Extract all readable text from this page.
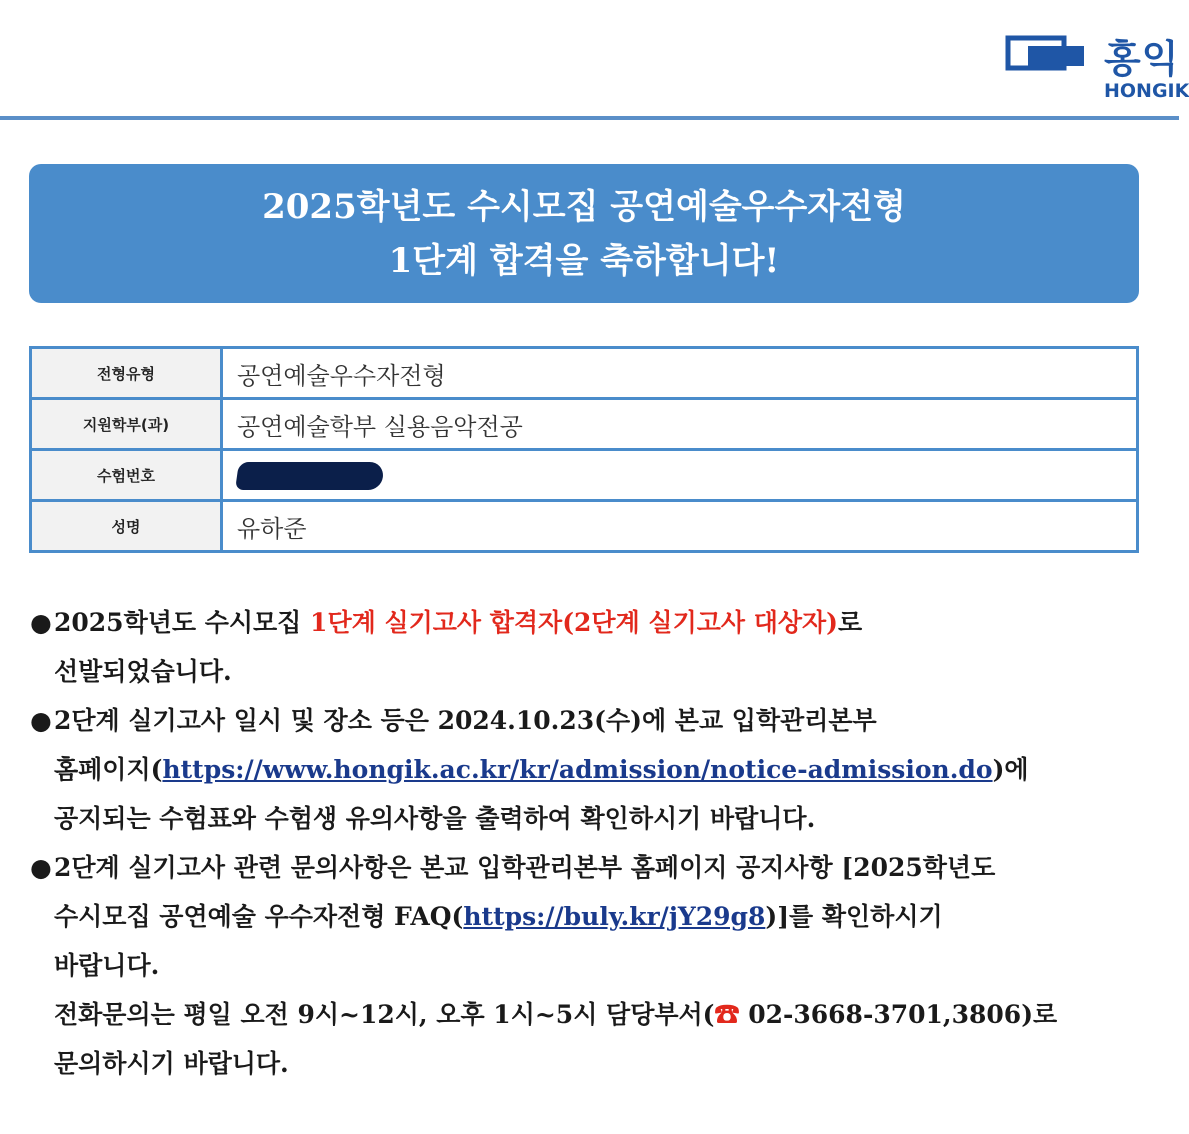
홍익
HONGIK
2025학년도 수시모집 공연예술우수자전형
1단계 합격을 축하합니다!
전형유형	공연예술우수자전형
지원학부(과)	공연예술학부 실용음악전공
수험번호	
성명	유하준
● 2025학년도 수시모집 1단계 실기고사 합격자(2단계 실기고사 대상자)로
선발되었습니다.
● 2단계 실기고사 일시 및 장소 등은 2024.10.23(수)에 본교 입학관리본부
홈페이지(https://www.hongik.ac.kr/kr/admission/notice-admission.do)에
공지되는 수험표와 수험생 유의사항을 출력하여 확인하시기 바랍니다.
● 2단계 실기고사 관련 문의사항은 본교 입학관리본부 홈페이지 공지사항 [2025학년도
수시모집 공연예술 우수자전형 FAQ(https://buly.kr/jY29g8)]를 확인하시기
바랍니다.
전화문의는 평일 오전 9시~12시, 오후 1시~5시 담당부서(☎ 02-3668-3701,3806)로
문의하시기 바랍니다.
